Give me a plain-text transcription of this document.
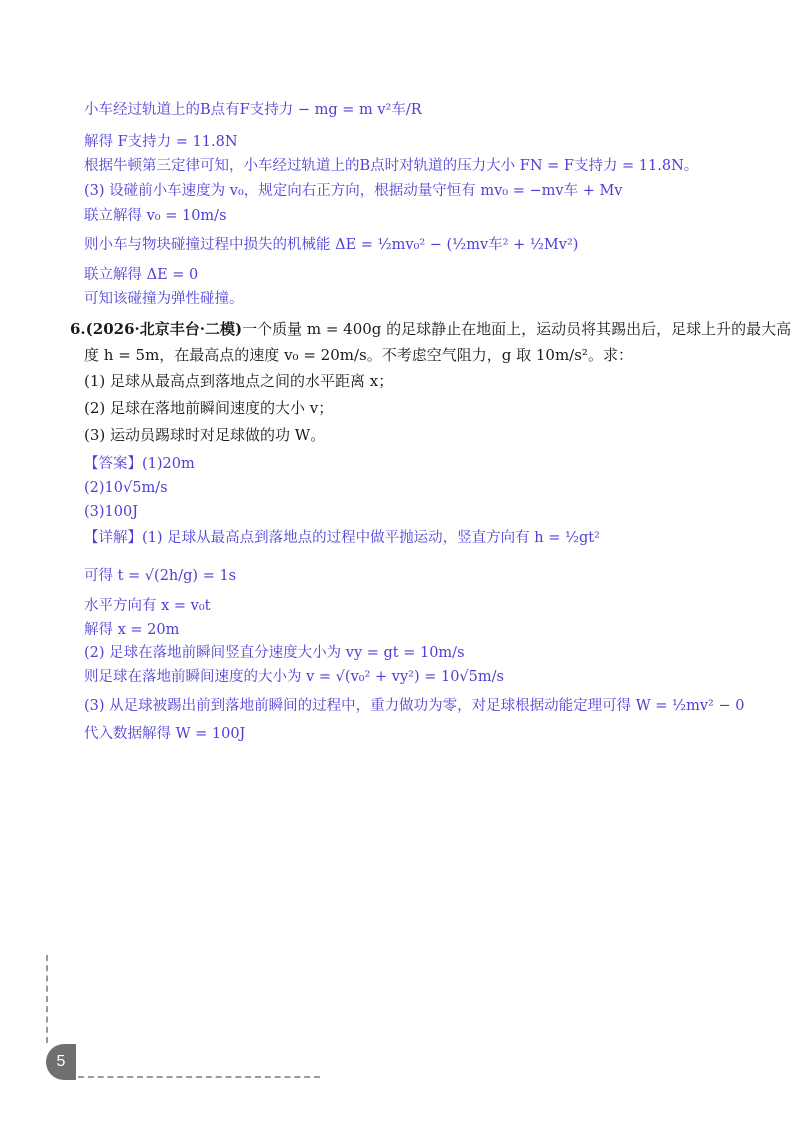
小车经过轨道上的B点有F支持力 − mg = m v²车/R
解得 F支持力 = 11.8N
根据牛顿第三定律可知，小车经过轨道上的B点时对轨道的压力大小 FN = F支持力 = 11.8N。
(3) 设碰前小车速度为 v₀，规定向右正方向，根据动量守恒有 mv₀ = −mv车 + Mv
联立解得 v₀ = 10m/s
则小车与物块碰撞过程中损失的机械能 ΔE = ½mv₀² − (½mv车² + ½Mv²)
联立解得 ΔE = 0
可知该碰撞为弹性碰撞。
6.(2026·北京丰台·二模)一个质量 m = 400g 的足球静止在地面上，运动员将其踢出后，足球上升的最大高
度 h = 5m，在最高点的速度 v₀ = 20m/s。不考虑空气阻力，g 取 10m/s²。求：
(1) 足球从最高点到落地点之间的水平距离 x；
(2) 足球在落地前瞬间速度的大小 v；
(3) 运动员踢球时对足球做的功 W。
【答案】(1)20m
(2)10√5m/s
(3)100J
【详解】(1) 足球从最高点到落地点的过程中做平抛运动，竖直方向有 h = ½gt²
可得 t = √(2h/g) = 1s
水平方向有 x = v₀t
解得 x = 20m
(2) 足球在落地前瞬间竖直分速度大小为 vy = gt = 10m/s
则足球在落地前瞬间速度的大小为 v = √(v₀² + vy²) = 10√5m/s
(3) 从足球被踢出前到落地前瞬间的过程中，重力做功为零，对足球根据动能定理可得 W = ½mv² − 0
代入数据解得 W = 100J
5
